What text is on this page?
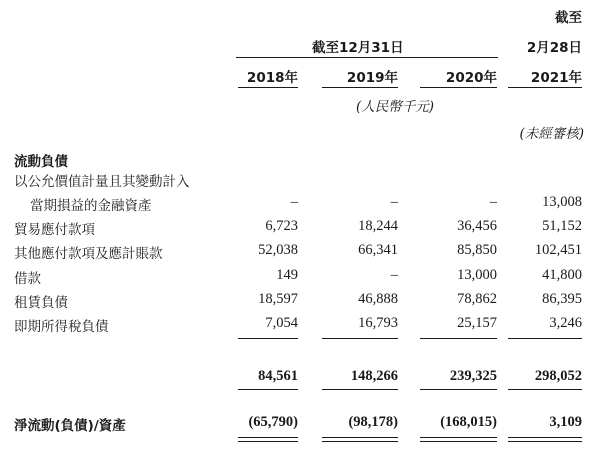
截至
截至12月31日	2月28日
2018年	2019年	2020年	2021年
(人民幣千元)
(未經審核)
流動負債
以公允價值計量且其變動計入
當期損益的金融資產	–	–	–	13,008
貿易應付款項	6,723	18,244	36,456	51,152
其他應付款項及應計賬款	52,038	66,341	85,850	102,451
借款	149	–	13,000	41,800
租賃負債	18,597	46,888	78,862	86,395
即期所得稅負債	7,054	16,793	25,157	3,246
84,561	148,266	239,325	298,052
淨流動(負債)/資產	(65,790)	(98,178)	(168,015)	3,109
